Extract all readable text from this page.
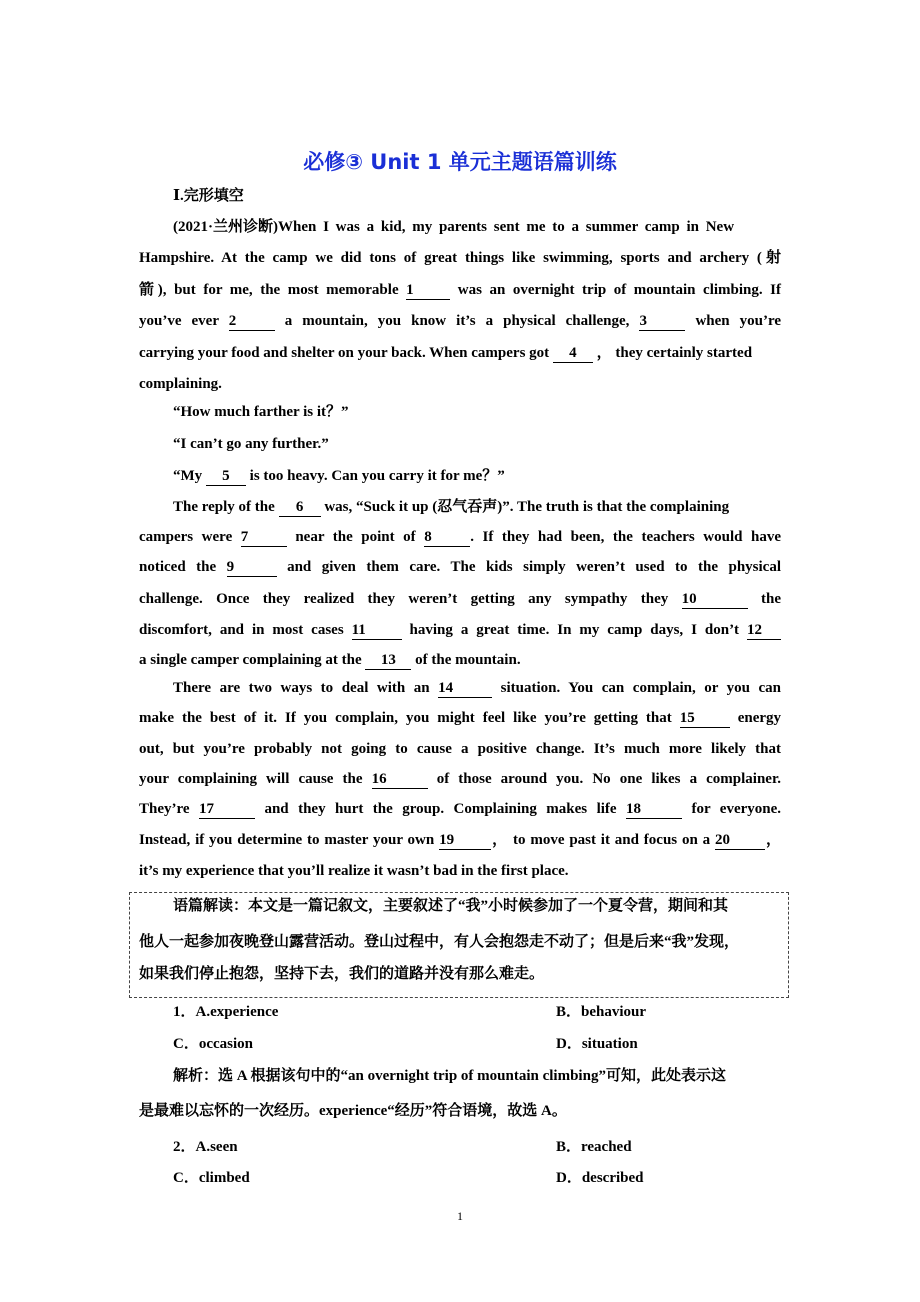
必修③ Unit 1 单元主题语篇训练
Ⅰ.完形填空
(2021·兰州诊断)When I was a kid, my parents sent me to a summer camp in New
Hampshire. At the camp we did tons of great things like swimming, sports and archery (射
箭), but for me, the most memorable 1	was an overnight trip of mountain climbing. If
you’ve ever 2	a mountain, you know it’s a physical challenge, 3	when you’re
carrying your food and shelter on your back. When campers got 4 ， they certainly started
complaining.
“How much farther is it？”
“I can’t go any further.”
“My 5 is too heavy. Can you carry it for me？”
The reply of the 6 was, “Suck it up (忍气吞声)”. The truth is that the complaining
campers were 7	near the point of 8	. If they had been, the teachers would have
noticed the 9	and given them care. The kids simply weren’t used to the physical
challenge. Once they realized they weren’t getting any sympathy they 10	the
discomfort, and in most cases 11	having a great time. In my camp days, I don’t 12
a single camper complaining at the 13 of the mountain.
There are two ways to deal with an 14	situation. You can complain, or you can
make the best of it. If you complain, you might feel like you’re getting that 15	energy
out, but you’re probably not going to cause a positive change. It’s much more likely that
your complaining will cause the 16	of those around you. No one likes a complainer.
They’re 17	and they hurt the group. Complaining makes life 18	for everyone.
Instead, if you determine to master your own 19 ， to move past it and focus on a 20 ，
it’s my experience that you’ll realize it wasn’t bad in the first place.
语篇解读：本文是一篇记叙文，主要叙述了“我”小时候参加了一个夏令营，期间和其
他人一起参加夜晚登山露营活动。登山过程中，有人会抱怨走不动了；但是后来“我”发现，
如果我们停止抱怨，坚持下去，我们的道路并没有那么难走。
1．A.experience	B．behaviour
C．occasion	D．situation
解析：选 A 根据该句中的“an overnight trip of mountain climbing”可知，此处表示这
是最难以忘怀的一次经历。experience“经历”符合语境，故选 A。
2．A.seen	B．reached
C．climbed	D．described
1
